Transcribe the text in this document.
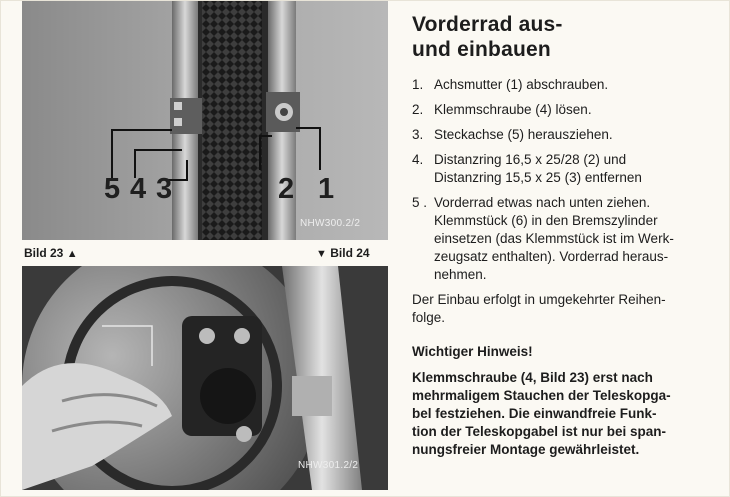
5 4 3	2 1
NHW300.2/2
Bild 23 ▲	▼ Bild 24
NHW301.2/2
Vorderrad aus-
und einbauen
1. Achsmutter (1) abschrauben.
2. Klemmschraube (4) lösen.
3. Steckachse (5) herausziehen.
4. Distanzring 16,5 x 25/28 (2) und
Distanzring 15,5 x 25 (3) entfernen
5 . Vorderrad etwas nach unten ziehen.
Klemmstück (6) in den Bremszylinder
einsetzen (das Klemmstück ist im Werk-
zeugsatz enthalten). Vorderrad heraus-
nehmen.
Der Einbau erfolgt in umgekehrter Reihen-
folge.
Wichtiger Hinweis!
Klemmschraube (4, Bild 23) erst nach
mehrmaligem Stauchen der Teleskopga-
bel festziehen. Die einwandfreie Funk-
tion der Teleskopgabel ist nur bei span-
nungsfreier Montage gewährleistet.
